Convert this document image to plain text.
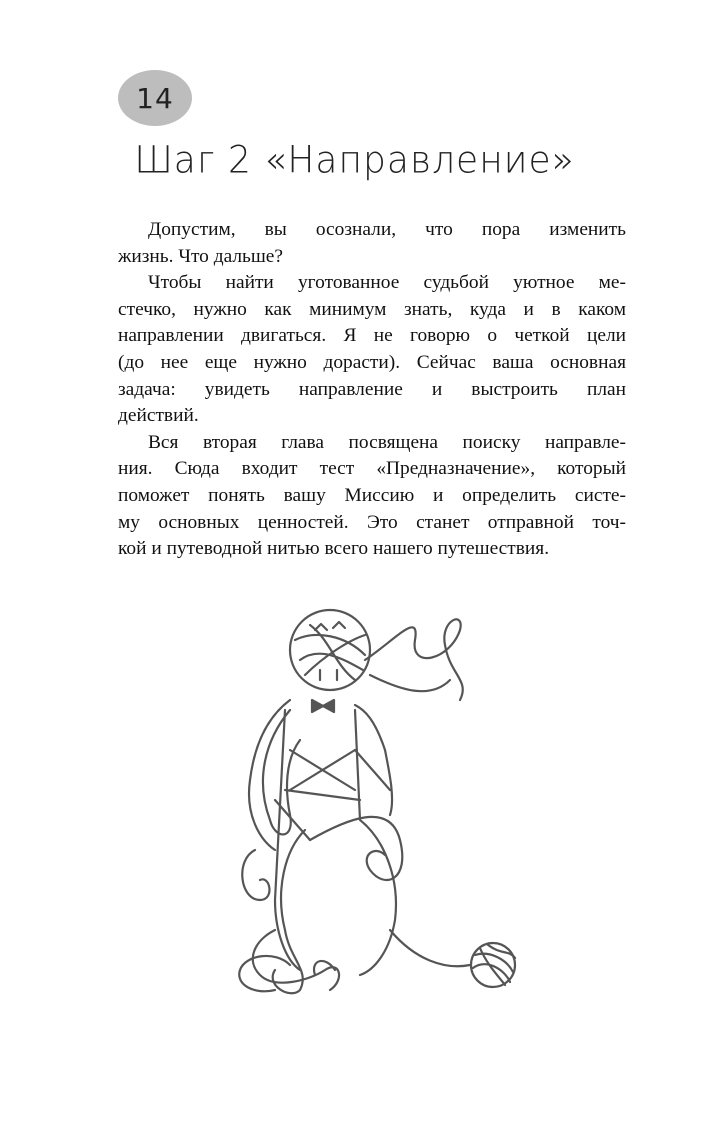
14
Шаг 2 «Направление»

Допустим, вы осознали, что пора изменить
жизнь. Что дальше?

Чтобы найти уготованное судьбой уютное ме-
стечко, нужно как минимум знать, куда и в каком
направлении двигаться. Я не говорю о четкой цели
(до нее еще нужно дорасти). Сейчас ваша основная
задача: увидеть направление и выстроить план
действий.

Вся вторая глава посвящена поиску направле-
ния. Сюда входит тест «Предназначение», который
поможет понять вашу Миссию и определить систе-
му основных ценностей. Это станет отправной точ-
кой и путеводной нитью всего нашего путешествия.
